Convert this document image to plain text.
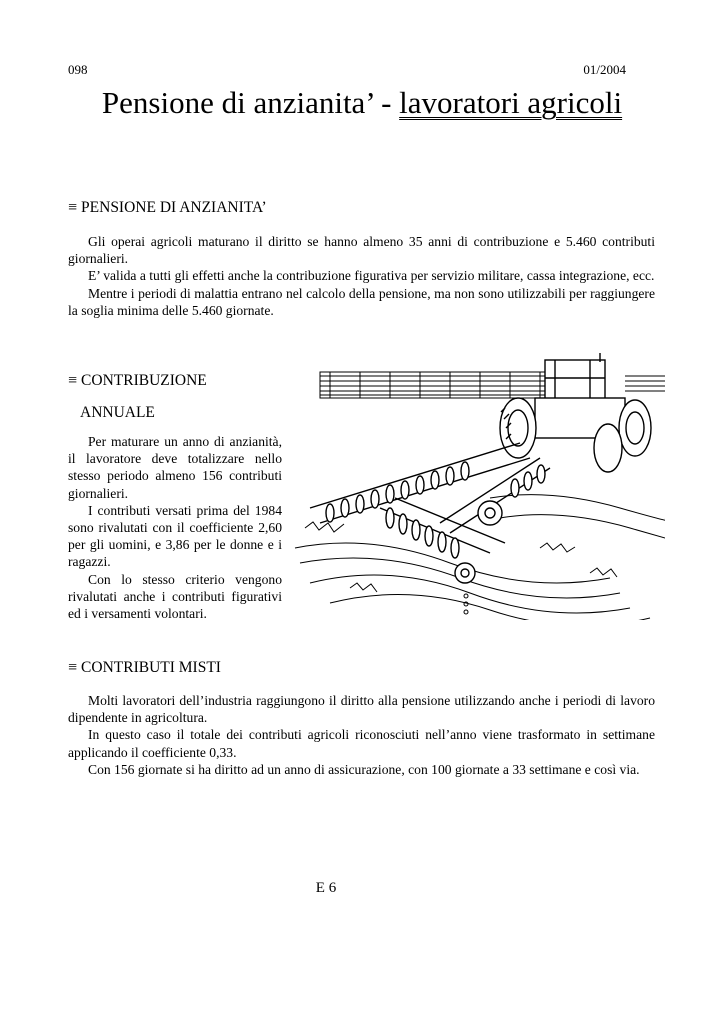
098	01/2004
Pensione di anzianita’ - lavoratori agricoli
≡ PENSIONE DI ANZIANITA’

Gli operai agricoli maturano il diritto se hanno almeno 35 anni di contribuzione e 5.460 contributi giornalieri.

E’ valida a tutti gli effetti anche la contribuzione figurativa per servizio militare, cassa integrazione, ecc.

Mentre i periodi di malattia entrano nel calcolo della pensione, ma non sono utilizzabili per raggiungere la soglia minima delle 5.460 giornate.

≡ CONTRIBUZIONE
ANNUALE

Per maturare un anno di anzianità, il lavoratore deve totalizzare nello stesso periodo almeno 156 contributi giornalieri.

I contributi versati prima del 1984 sono rivalutati con il coefficiente 2,60 per gli uomini, e 3,86 per le donne e i ragazzi.

Con lo stesso criterio vengono rivalutati anche i contributi figurativi ed i versamenti volontari.

≡ CONTRIBUTI MISTI

Molti lavoratori dell’industria raggiungono il diritto alla pensione utilizzando anche i periodi di lavoro dipendente in agricoltura.

In questo caso il totale dei contributi agricoli riconosciuti nell’anno viene trasformato in settimane applicando il coefficiente 0,33.

Con 156 giornate si ha diritto ad un anno di assicurazione, con 100 giornate a 33 settimane e così via.

E 6
